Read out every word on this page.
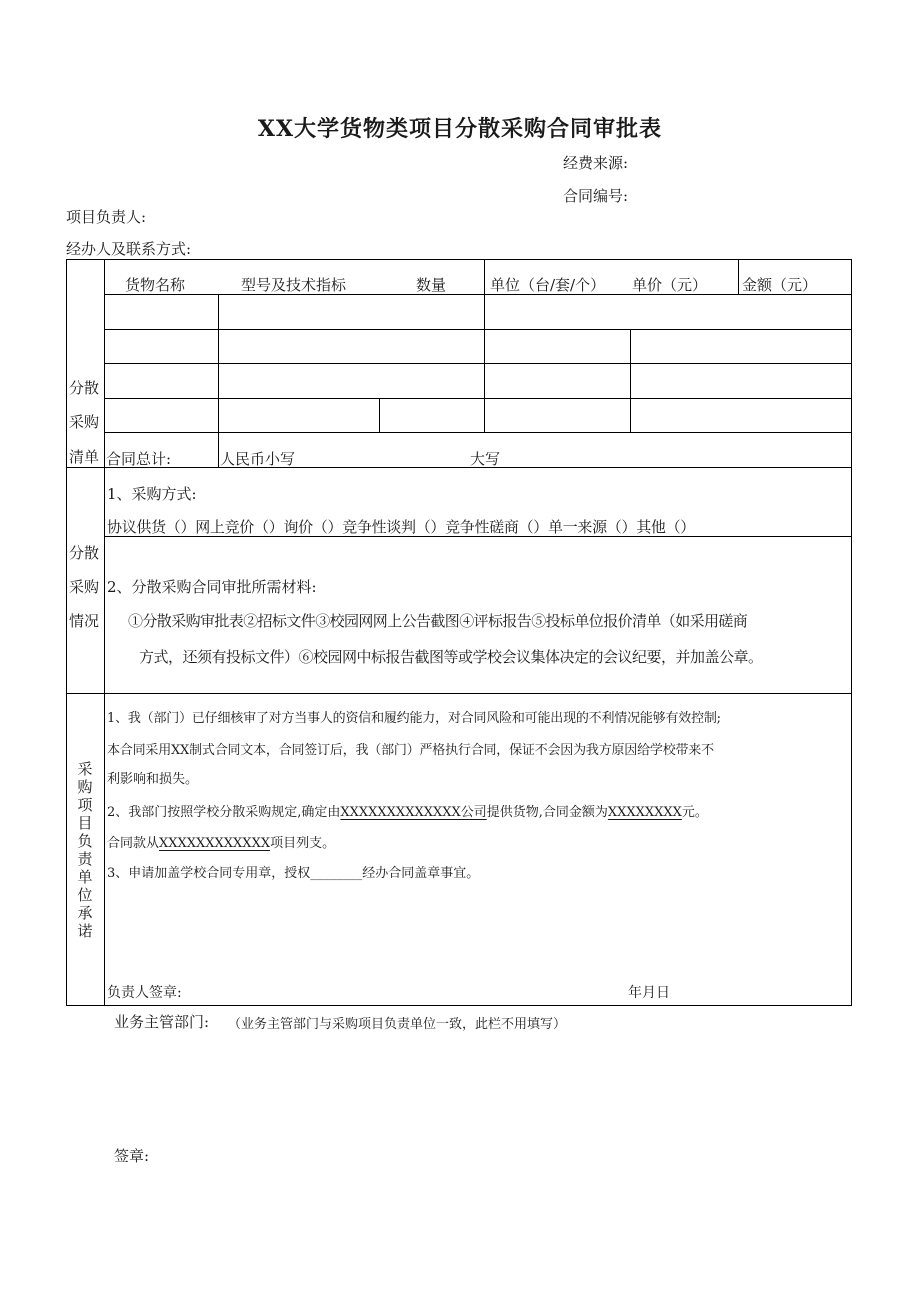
XX大学货物类项目分散采购合同审批表
经费来源:
合同编号:
项目负责人:
经办人及联系方式:
货物名称	型号及技术指标	数量	单位（台/套/个） 单价（元） 金额（元）
分散
采购
清单 合同总计:	人民币小写	大写
分散
采购
情况
1、采购方式:
协议供货（）网上竞价（）询价（）竞争性谈判（）竞争性磋商（）单一来源（）其他（）
2、分散采购合同审批所需材料:
①分散采购审批表②招标文件③校园网网上公告截图④评标报告⑤投标单位报价清单（如采用磋商
方式，还须有投标文件）⑥校园网中标报告截图等或学校会议集体决定的会议纪要，并加盖公章。
采购项目负责单位承诺
1、我（部门）已仔细核审了对方当事人的资信和履约能力，对合同风险和可能出现的不利情况能够有效控制;
本合同采用XX制式合同文本，合同签订后，我（部门）严格执行合同，保证不会因为我方原因给学校带来不
利影响和损失。
2、我部门按照学校分散采购规定,确定由XXXXXXXXXXXXX公司提供货物,合同金额为XXXXXXXX元。
合同款从XXXXXXXXXXXX项目列支。
3、申请加盖学校合同专用章，授权________经办合同盖章事宜。
负责人签章:	年月日
业务主管部门: （业务主管部门与采购项目负责单位一致，此栏不用填写）
签章:
